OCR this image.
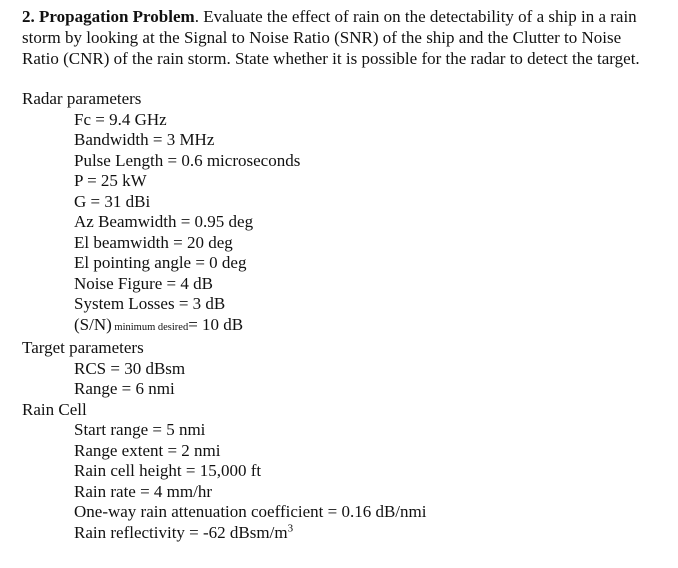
2. Propagation Problem. Evaluate the effect of rain on the detectability of a ship in a rain storm by looking at the Signal to Noise Ratio (SNR) of the ship and the Clutter to Noise Ratio (CNR) of the rain storm. State whether it is possible for the radar to detect the target.

Radar parameters

Fc = 9.4 GHz
Bandwidth = 3 MHz
Pulse Length = 0.6 microseconds
P = 25 kW
G = 31 dBi
Az Beamwidth = 0.95 deg
El beamwidth = 20 deg
El pointing angle = 0 deg
Noise Figure = 4 dB
System Losses = 3 dB
(S/N) minimum desired= 10 dB

Target parameters

RCS = 30 dBsm
Range = 6 nmi

Rain Cell

Start range = 5 nmi
Range extent = 2 nmi
Rain cell height = 15,000 ft
Rain rate = 4 mm/hr
One-way rain attenuation coefficient = 0.16 dB/nmi
Rain reflectivity = -62 dBsm/$m^3$
